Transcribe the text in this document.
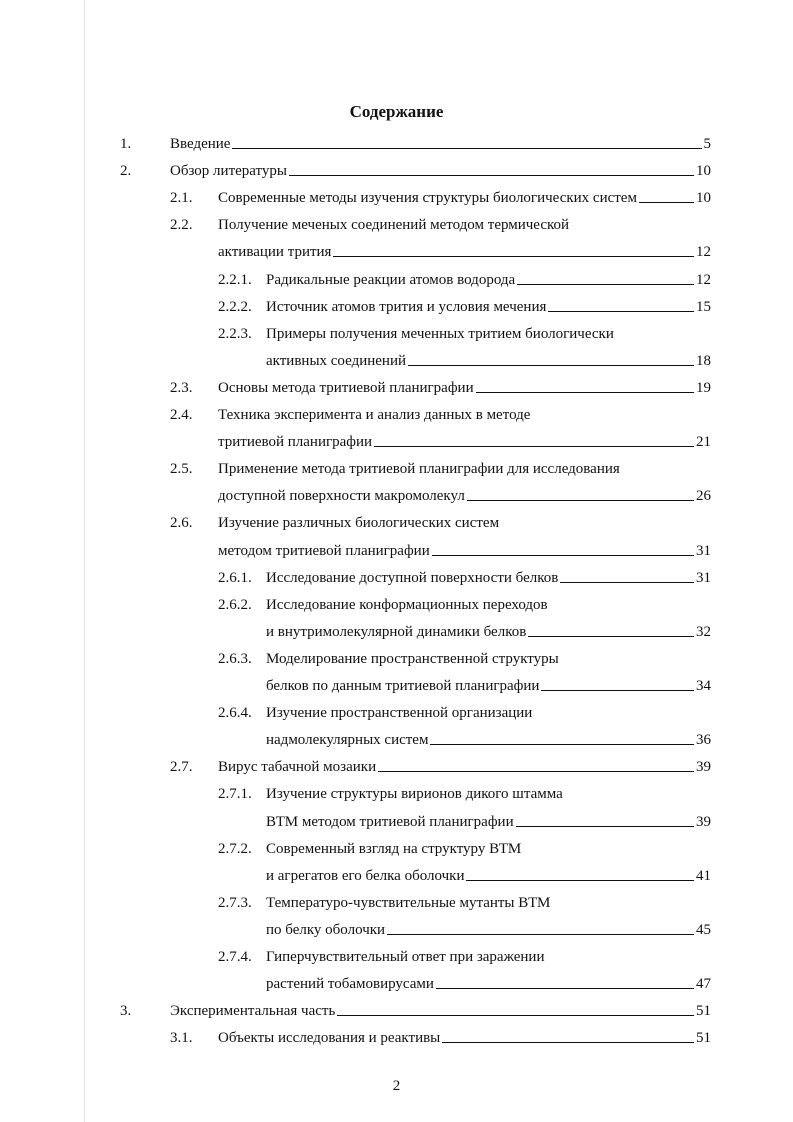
Содержание
1.	Введение	5
2.	Обзор литературы	10
2.1. Современные методы изучения структуры биологических систем	10
2.2. Получение меченых соединений методом термической
активации трития	12
2.2.1. Радикальные реакции атомов водорода	12
2.2.2. Источник атомов трития и условия мечения	15
2.2.3. Примеры получения меченных тритием биологически
активных соединений	18
2.3. Основы метода тритиевой планиграфии	19
2.4. Техника эксперимента и анализ данных в методе
тритиевой планиграфии	21
2.5. Применение метода тритиевой планиграфии для исследования
доступной поверхности макромолекул	26
2.6. Изучение различных биологических систем
методом тритиевой планиграфии	31
2.6.1. Исследование доступной поверхности белков	31
2.6.2. Исследование конформационных переходов
и внутримолекулярной динамики белков	32
2.6.3. Моделирование пространственной структуры
белков по данным тритиевой планиграфии	34
2.6.4. Изучение пространственной организации
надмолекулярных систем	36
2.7. Вирус табачной мозаики	39
2.7.1. Изучение структуры вирионов дикого штамма
ВТМ методом тритиевой планиграфии	39
2.7.2. Современный взгляд на структуру ВТМ
и агрегатов его белка оболочки	41
2.7.3. Температуро-чувствительные мутанты ВТМ
по белку оболочки	45
2.7.4. Гиперчувствительный ответ при заражении
растений тобамовирусами	47
3.	Экспериментальная часть	51
3.1. Объекты исследования и реактивы	51
2
